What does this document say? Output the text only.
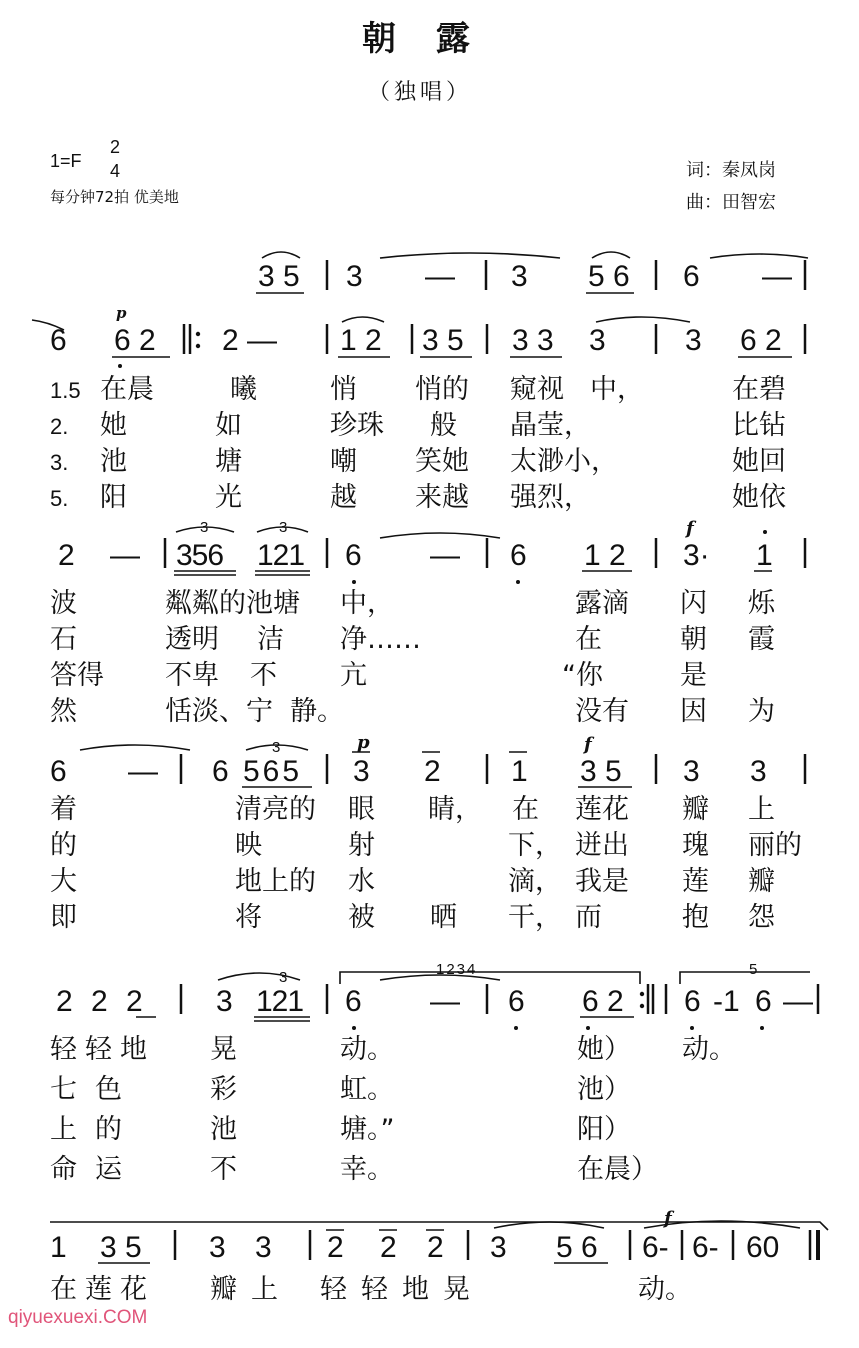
朝 露
（独唱）
1=F
2
4
每分钟72拍 优美地
词：秦凤岗
曲：田智宏
3 5 3 — 3 5 6 6 —
6 6 2 2 — 1 2 3 5 3 3 3	3 6 2
p
1.5 在晨	曦	悄 悄的 窥视 中，	在碧
2. 她	如	珍珠 般 晶莹，	比钻
3. 池	塘	嘲 笑她 太渺小，	她回
5. 阳	光	越 来越 强烈，	她依
2 — 356 121 6 — 6 1 2 3· 1
3	3	f
波	粼粼的池塘 中，	露滴 闪 烁
石	透明 洁 净……	在	朝 霞
答得 不卑 不 亢	“你	是
然	恬淡、宁 静。	没有 因 为
6 — 6 565 3 2 1 3 5 3 3
3	p	f
着	清亮的 眼 睛， 在 莲花 瓣 上
的	映	射	下， 迸出 瑰 丽的
大	地上的 水	滴， 我是 莲 瓣
即	将	被 晒 干， 而	抱 怨
2 2 2 3 121 6 — 6 6 2 6 -1 6 —
3	1234	5
轻轻地 晃	动。	她） 动。
七色	彩	虹。	池）
上的	池	塘。”	阳）
命运	不	幸。	在晨）
1 3 5 3 3 2 2 2 3 5 6 6- 6- 60
f
在莲花 瓣上 轻轻地晃	动。
qiyuexuexi.COM
